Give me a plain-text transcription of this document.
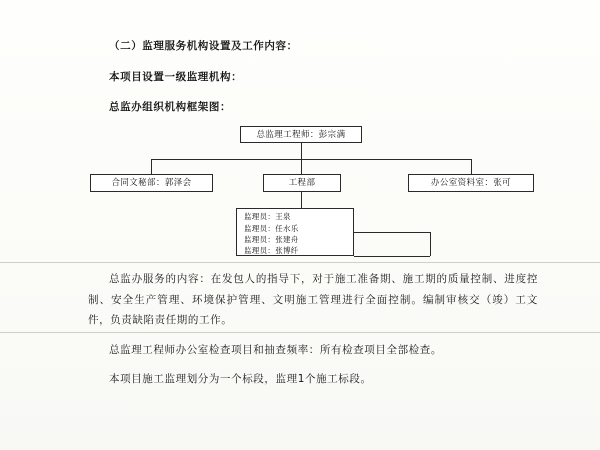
（二）监理服务机构设置及工作内容：

本项目设置一级监理机构：

总监办组织机构框架图：

总监理工程师：彭宗满
合同文秘部：郭泽会	工程部	办公室资料室：张可
监理员：王泉
监理员：任水乐
监理员：张建舟
监理员：张博纤

总监办服务的内容：在发包人的指导下，对于施工准备期、施工期的质量控制、进度控制、安全生产管理、环境保护管理、文明施工管理进行全面控制。编制审核交（竣）工文件，负责缺陷责任期的工作。

总监理工程师办公室检查项目和抽查频率：所有检查项目全部检查。

本项目施工监理划分为一个标段，监理1个施工标段。
